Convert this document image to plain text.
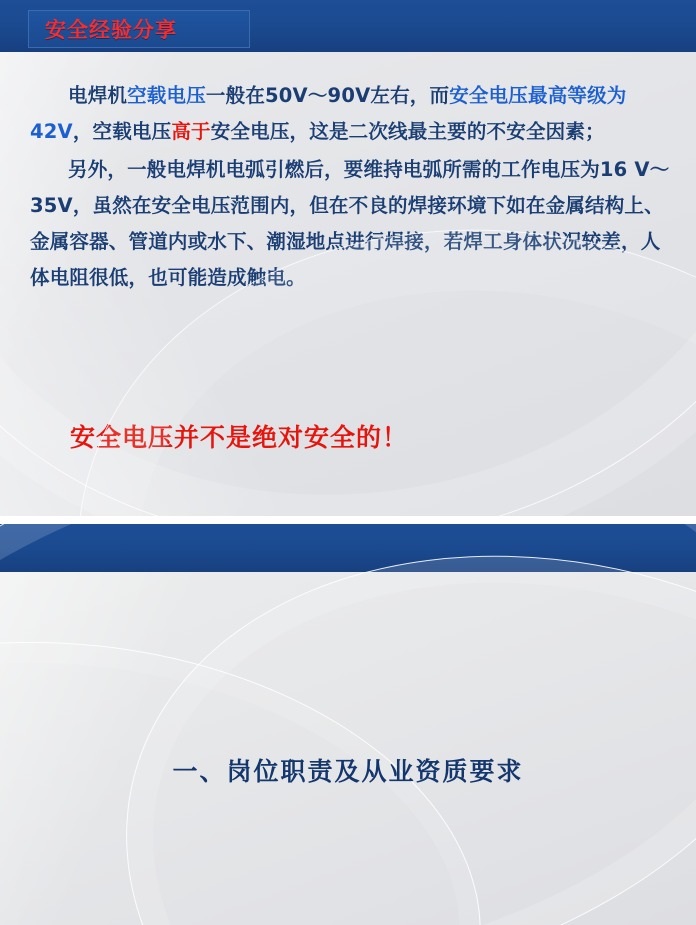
安全经验分享

电焊机空载电压一般在50V～90V左右，而安全电压最高等级为42V，空载电压高于安全电压，这是二次线最主要的不安全因素；

另外，一般电焊机电弧引燃后，要维持电弧所需的工作电压为16 V～35V，虽然在安全电压范围内，但在不良的焊接环境下如在金属结构上、金属容器、管道内或水下、潮湿地点进行焊接，若焊工身体状况较差，人体电阻很低，也可能造成触电。

安全电压并不是绝对安全的！
一、岗位职责及从业资质要求
